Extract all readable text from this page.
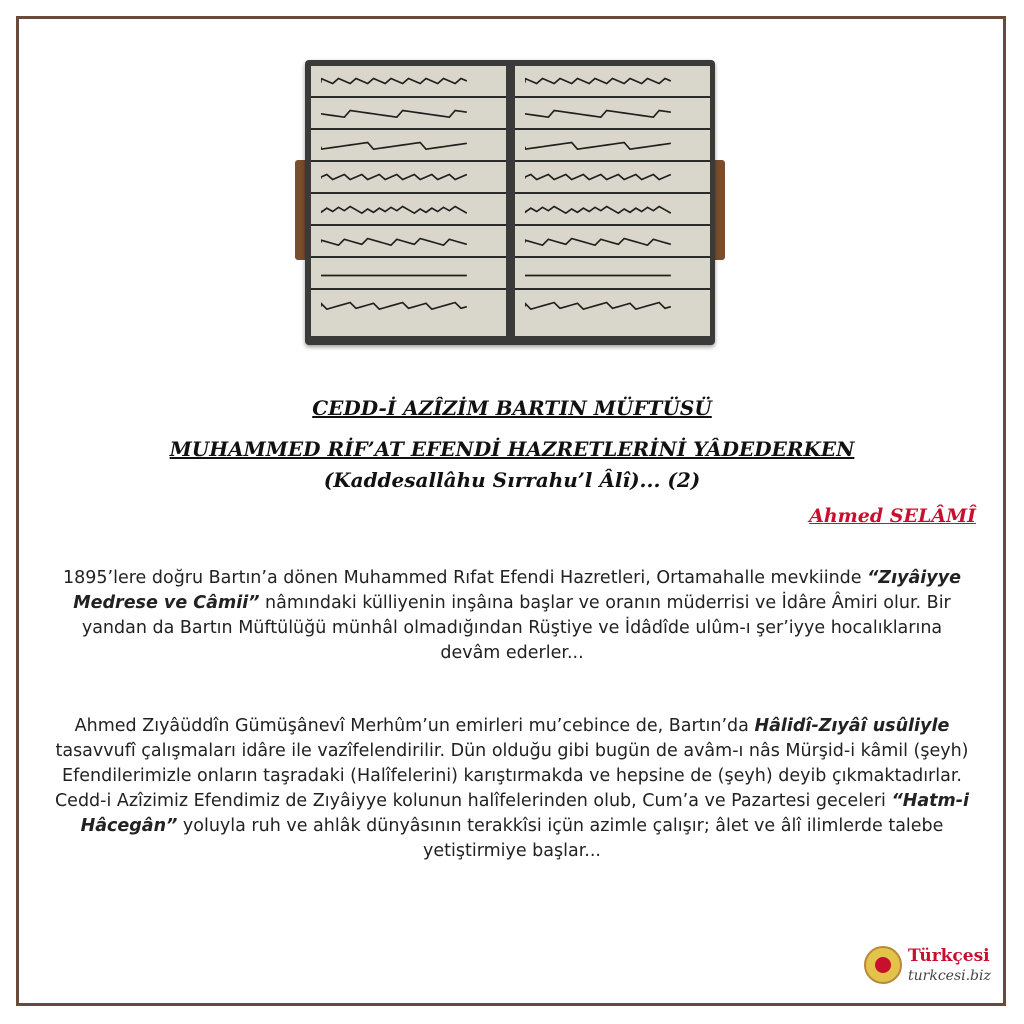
CEDD-İ AZÎZİM BARTIN MÜFTÜSÜ
MUHAMMED RİF’AT EFENDİ HAZRETLERİNİ YÂDEDERKEN
(Kaddesallâhu Sırrahu’l Âlî)... (2)
Ahmed SELÂMÎ
1895’lere doğru Bartın’a dönen Muhammed Rıfat Efendi Hazretleri, Ortamahalle mevkiinde “Zıyâiyye Medrese ve Câmii” nâmındaki külliyenin inşâına başlar ve oranın müderrisi ve İdâre Âmiri olur. Bir yandan da Bartın Müftülüğü münhâl olmadığından Rüştiye ve İdâdîde ulûm-ı şer’iyye hocalıklarına devâm ederler...
Ahmed Zıyâüddîn Gümüşânevî Merhûm’un emirleri mu’cebince de, Bartın’da Hâlidî-Zıyâî usûliyle tasavvufî çalışmaları idâre ile vazîfelendirilir. Dün olduğu gibi bugün de avâm-ı nâs Mürşid-i kâmil (şeyh) Efendilerimizle onların taşradaki (Halîfelerini) karıştırmakda ve hepsine de (şeyh) deyib çıkmaktadırlar. Cedd-i Azîzimiz Efendimiz de Zıyâiyye kolunun halîfelerinden olub, Cum’a ve Pazartesi geceleri “Hatm-i Hâcegân” yoluyla ruh ve ahlâk dünyâsının terakkîsi içün azimle çalışır; âlet ve âlî ilimlerde talebe yetiştirmiye başlar...
Türkçesi
turkcesi.biz
